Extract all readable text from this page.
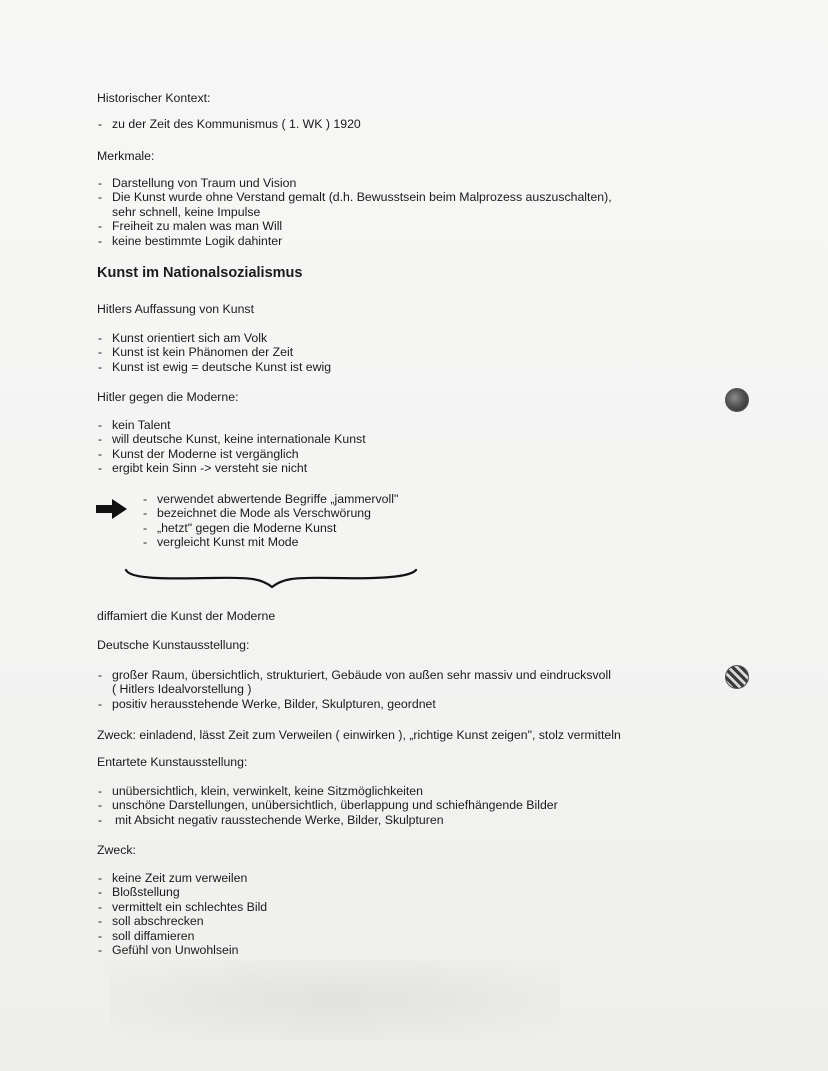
Historischer Kontext:
- zu der Zeit des Kommunismus ( 1. WK ) 1920
Merkmale:
- Darstellung von Traum und Vision
- Die Kunst wurde ohne Verstand gemalt (d.h. Bewusstsein beim Malprozess auszuschalten),
sehr schnell, keine Impulse
- Freiheit zu malen was man Will
- keine bestimmte Logik dahinter
Kunst im Nationalsozialismus
Hitlers Auffassung von Kunst
- Kunst orientiert sich am Volk
- Kunst ist kein Phänomen der Zeit
- Kunst ist ewig = deutsche Kunst ist ewig
Hitler gegen die Moderne:
- kein Talent
- will deutsche Kunst, keine internationale Kunst
- Kunst der Moderne ist vergänglich
- ergibt kein Sinn -> versteht sie nicht
- verwendet abwertende Begriffe „jammervoll"
- bezeichnet die Mode als Verschwörung
- „hetzt" gegen die Moderne Kunst
- vergleicht Kunst mit Mode
diffamiert die Kunst der Moderne
Deutsche Kunstausstellung:
- großer Raum, übersichtlich, strukturiert, Gebäude von außen sehr massiv und eindrucksvoll
( Hitlers Idealvorstellung )
- positiv herausstehende Werke, Bilder, Skulpturen, geordnet
Zweck: einladend, lässt Zeit zum Verweilen ( einwirken ), „richtige Kunst zeigen", stolz vermitteln
Entartete Kunstausstellung:
- unübersichtlich, klein, verwinkelt, keine Sitzmöglichkeiten
- unschöne Darstellungen, unübersichtlich, überlappung und schiefhängende Bilder
- mit Absicht negativ rausstechende Werke, Bilder, Skulpturen
Zweck:
- keine Zeit zum verweilen
- Bloßstellung
- vermittelt ein schlechtes Bild
- soll abschrecken
- soll diffamieren
- Gefühl von Unwohlsein
